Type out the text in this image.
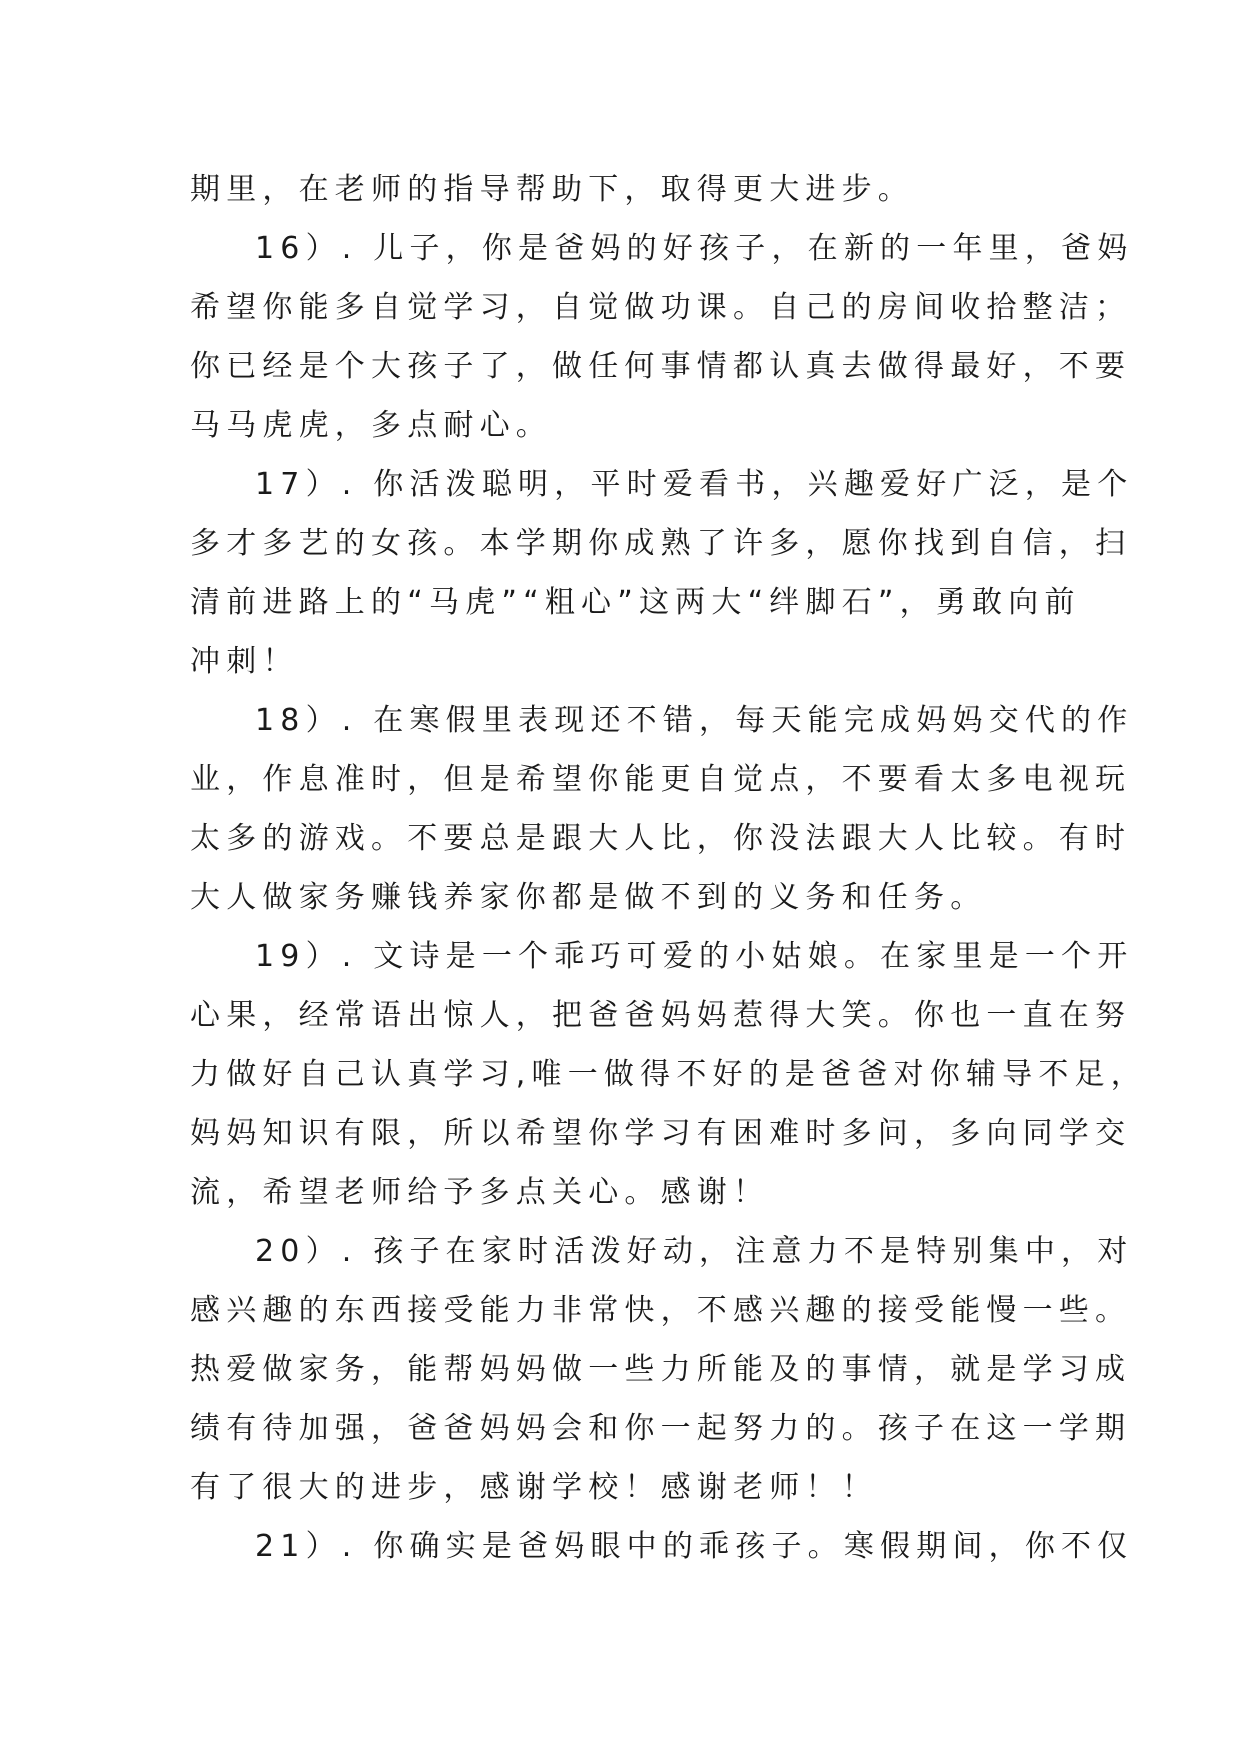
期里，在老师的指导帮助下，取得更大进步。
16）. 儿子，你是爸妈的好孩子，在新的一年里，爸妈
希望你能多自觉学习，自觉做功课。自己的房间收拾整洁；
你已经是个大孩子了，做任何事情都认真去做得最好，不要
马马虎虎，多点耐心。
17）. 你活泼聪明，平时爱看书，兴趣爱好广泛，是个
多才多艺的女孩。本学期你成熟了许多，愿你找到自信，扫
清前进路上的“马虎”“粗心”这两大“绊脚石”，勇敢向前
冲刺！
18）. 在寒假里表现还不错，每天能完成妈妈交代的作
业，作息准时，但是希望你能更自觉点，不要看太多电视玩
太多的游戏。不要总是跟大人比，你没法跟大人比较。有时
大人做家务赚钱养家你都是做不到的义务和任务。
19）. 文诗是一个乖巧可爱的小姑娘。在家里是一个开
心果，经常语出惊人，把爸爸妈妈惹得大笑。你也一直在努
力做好自己认真学习,唯一做得不好的是爸爸对你辅导不足，
妈妈知识有限，所以希望你学习有困难时多问，多向同学交
流，希望老师给予多点关心。感谢！
20）. 孩子在家时活泼好动，注意力不是特别集中，对
感兴趣的东西接受能力非常快，不感兴趣的接受能慢一些。
热爱做家务，能帮妈妈做一些力所能及的事情，就是学习成
绩有待加强，爸爸妈妈会和你一起努力的。孩子在这一学期
有了很大的进步，感谢学校！感谢老师！！
21）. 你确实是爸妈眼中的乖孩子。寒假期间，你不仅
